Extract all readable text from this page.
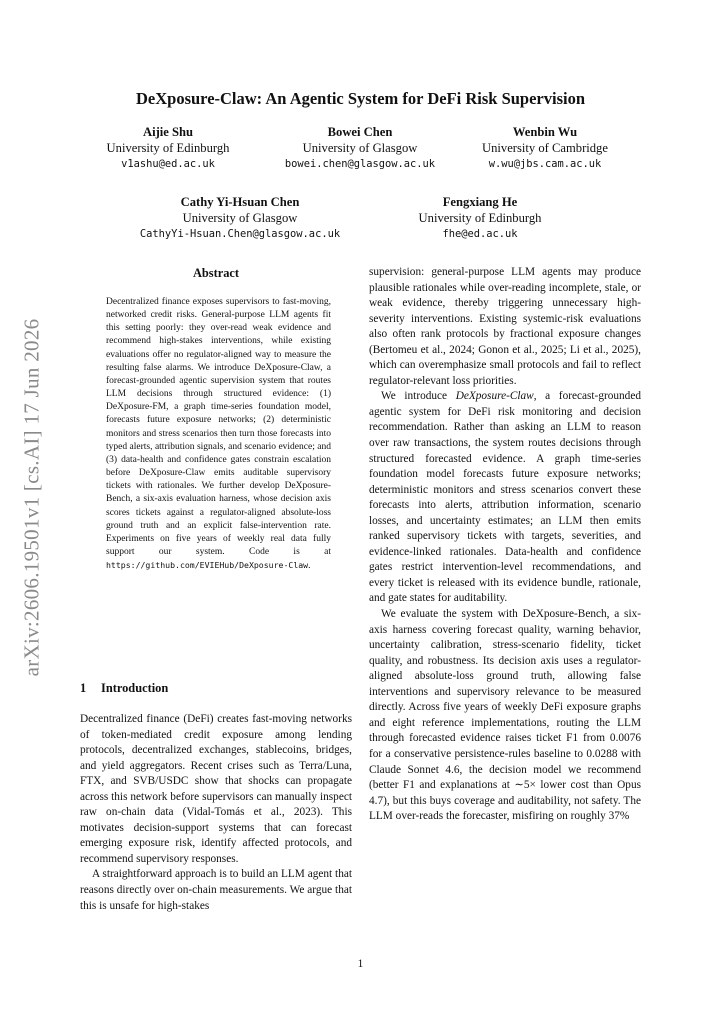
arXiv:2606.19501v1 [cs.AI] 17 Jun 2026
DeXposure-Claw: An Agentic System for DeFi Risk Supervision
Aijie Shu
University of Edinburgh
v1ashu@ed.ac.uk
Bowei Chen
University of Glasgow
bowei.chen@glasgow.ac.uk
Wenbin Wu
University of Cambridge
w.wu@jbs.cam.ac.uk
Cathy Yi-Hsuan Chen
University of Glasgow
CathyYi-Hsuan.Chen@glasgow.ac.uk
Fengxiang He
University of Edinburgh
fhe@ed.ac.uk
Abstract

Decentralized finance exposes supervisors to fast-moving, networked credit risks. General-purpose LLM agents fit this setting poorly: they over-read weak evidence and recommend high-stakes interventions, while existing evaluations offer no regulator-aligned way to measure the resulting false alarms. We introduce DeXposure-Claw, a forecast-grounded agentic supervision system that routes LLM decisions through structured evidence: (1) DeXposure-FM, a graph time-series foundation model, forecasts future exposure networks; (2) deterministic monitors and stress scenarios then turn those forecasts into typed alerts, attribution signals, and scenario evidence; and (3) data-health and confidence gates constrain escalation before DeXposure-Claw emits auditable supervisory tickets with rationales. We further develop DeXposure-Bench, a six-axis evaluation harness, whose decision axis scores tickets against a regulator-aligned absolute-loss ground truth and an explicit false-intervention rate. Experiments on five years of weekly real data fully support our system. Code is at https://github.com/EVIEHub/DeXposure-Claw.

1 Introduction

Decentralized finance (DeFi) creates fast-moving networks of token-mediated credit exposure among lending protocols, decentralized exchanges, stablecoins, bridges, and yield aggregators. Recent crises such as Terra/Luna, FTX, and SVB/USDC show that shocks can propagate across this network before supervisors can manually inspect raw on-chain data (Vidal-Tomás et al., 2023). This motivates decision-support systems that can forecast emerging exposure risk, identify affected protocols, and recommend supervisory responses.

A straightforward approach is to build an LLM agent that reasons directly over on-chain measurements. We argue that this is unsafe for high-stakes

supervision: general-purpose LLM agents may produce plausible rationales while over-reading incomplete, stale, or weak evidence, thereby triggering unnecessary high-severity interventions. Existing systemic-risk evaluations also often rank protocols by fractional exposure changes (Bertomeu et al., 2024; Gonon et al., 2025; Li et al., 2025), which can overemphasize small protocols and fail to reflect regulator-relevant loss priorities.

We introduce DeXposure-Claw, a forecast-grounded agentic system for DeFi risk monitoring and decision recommendation. Rather than asking an LLM to reason over raw transactions, the system routes decisions through structured forecasted evidence. A graph time-series foundation model forecasts future exposure networks; deterministic monitors and stress scenarios convert these forecasts into alerts, attribution information, scenario losses, and uncertainty estimates; an LLM then emits ranked supervisory tickets with targets, severities, and evidence-linked rationales. Data-health and confidence gates restrict intervention-level recommendations, and every ticket is released with its evidence bundle, rationale, and gate states for auditability.

We evaluate the system with DeXposure-Bench, a six-axis harness covering forecast quality, warning behavior, uncertainty calibration, stress-scenario fidelity, ticket quality, and robustness. Its decision axis uses a regulator-aligned absolute-loss ground truth, allowing false interventions and supervisory relevance to be measured directly. Across five years of weekly DeFi exposure graphs and eight reference implementations, routing the LLM through forecasted evidence raises ticket F1 from 0.0076 for a conservative persistence-rules baseline to 0.0288 with Claude Sonnet 4.6, the decision model we recommend (better F1 and explanations at ∼5× lower cost than Opus 4.7), but this buys coverage and auditability, not safety. The LLM over-reads the forecaster, misfiring on roughly 37%

1
